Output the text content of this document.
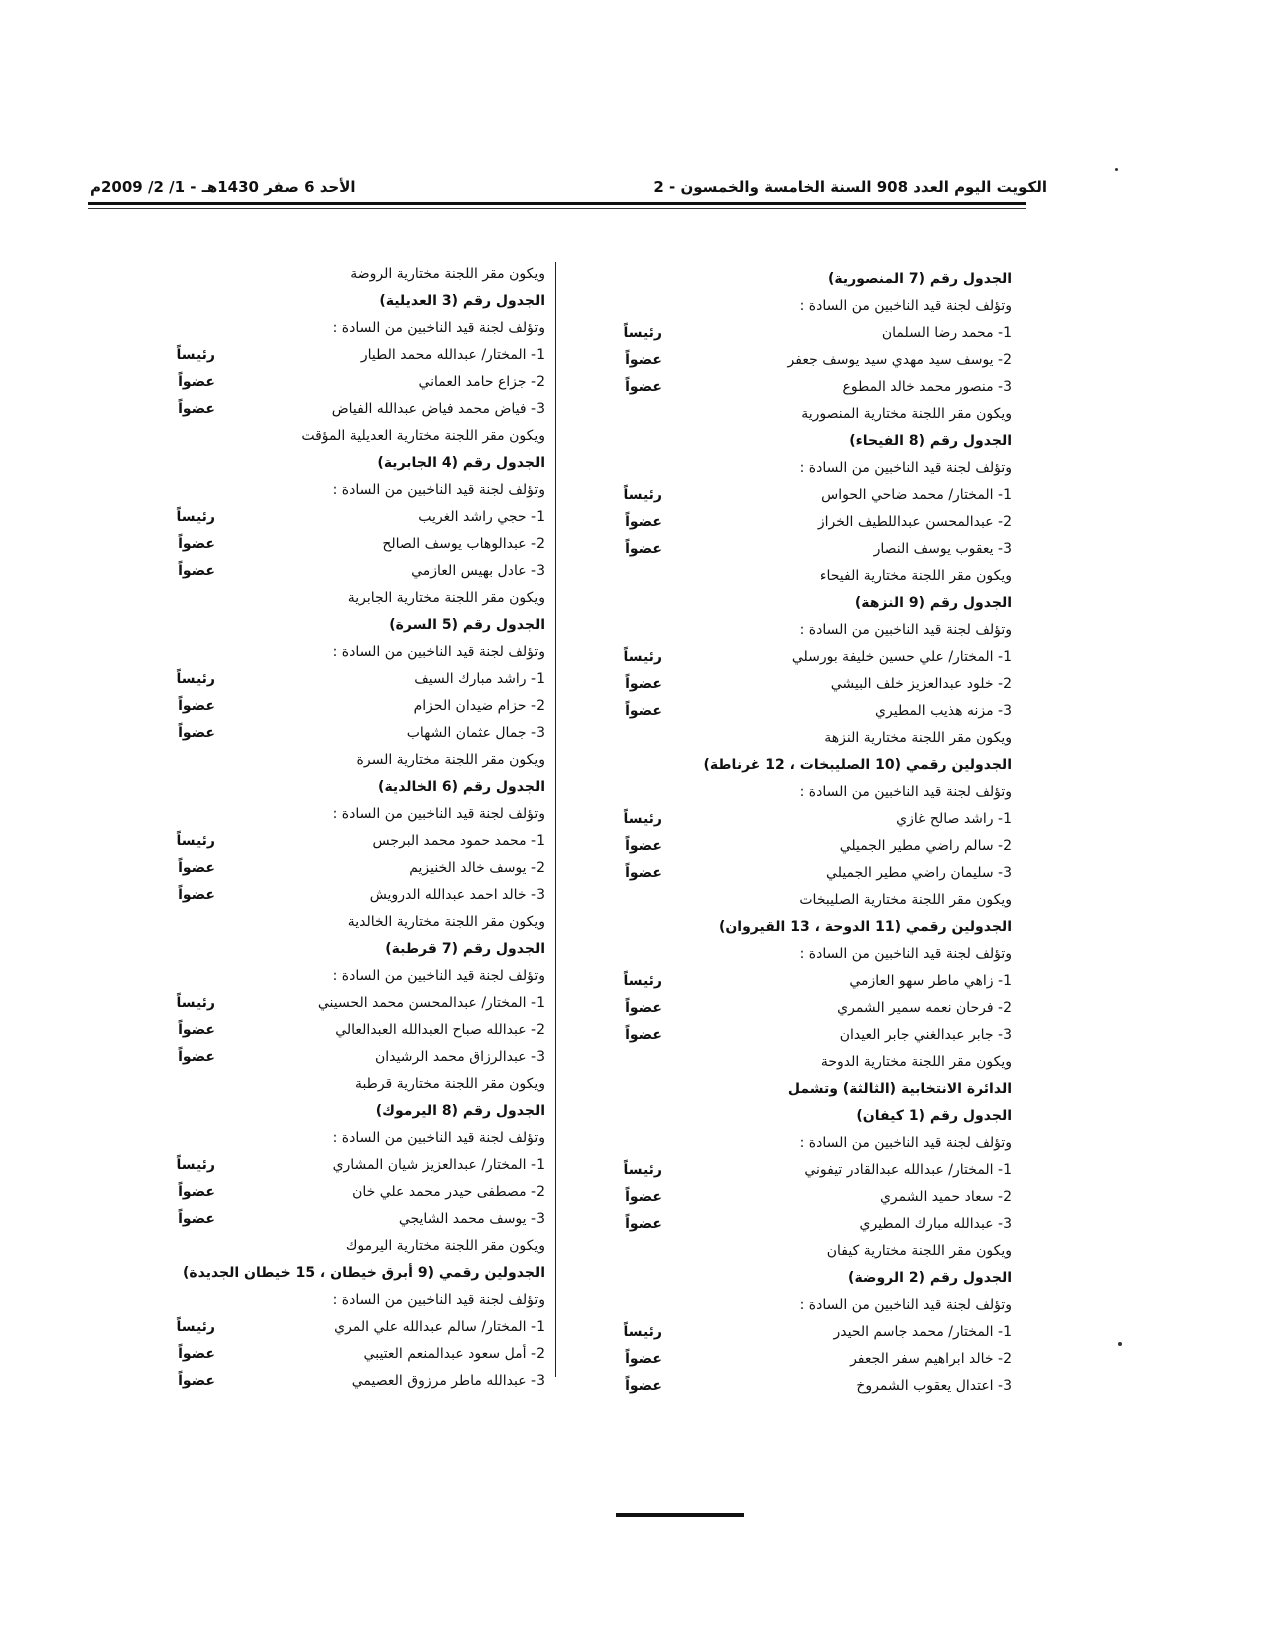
الكويت اليوم العدد 908 السنة الخامسة والخمسون - 2
الأحد 6 صفر 1430هـ - 1/ 2/ 2009م
الجدول رقم (7 المنصورية)
وتؤلف لجنة قيد الناخبين من السادة :
1- محمد رضا السلمان
رئيساً
2- يوسف سيد مهدي سيد يوسف جعفر
عضواً
3- منصور محمد خالد المطوع
عضواً
ويكون مقر اللجنة مختارية المنصورية
الجدول رقم (8 الفيحاء)
وتؤلف لجنة قيد الناخبين من السادة :
1- المختار/ محمد ضاحي الحواس
رئيساً
2- عبدالمحسن عبداللطيف الخراز
عضواً
3- يعقوب يوسف النصار
عضواً
ويكون مقر اللجنة مختارية الفيحاء
الجدول رقم (9 النزهة)
وتؤلف لجنة قيد الناخبين من السادة :
1- المختار/ علي حسين خليفة بورسلي
رئيساً
2- خلود عبدالعزيز خلف البيشي
عضواً
3- مزنه هذيب المطيري
عضواً
ويكون مقر اللجنة مختارية النزهة
الجدولين رقمي (10 الصليبخات ، 12 غرناطة)
وتؤلف لجنة قيد الناخبين من السادة :
1- راشد صالح غازي
رئيساً
2- سالم راضي مطير الجميلي
عضواً
3- سليمان راضي مطير الجميلي
عضواً
ويكون مقر اللجنة مختارية الصليبخات
الجدولين رقمي (11 الدوحة ، 13 القيروان)
وتؤلف لجنة قيد الناخبين من السادة :
1- زاهي ماطر سهو العازمي
رئيساً
2- فرحان نعمه سمير الشمري
عضواً
3- جابر عبدالغني جابر العيدان
عضواً
ويكون مقر اللجنة مختارية الدوحة
الدائرة الانتخابية (الثالثة) وتشمل
الجدول رقم (1 كيفان)
وتؤلف لجنة قيد الناخبين من السادة :
1- المختار/ عبدالله عبدالقادر تيفوني
رئيساً
2- سعاد حميد الشمري
عضواً
3- عبدالله مبارك المطيري
عضواً
ويكون مقر اللجنة مختارية كيفان
الجدول رقم (2 الروضة)
وتؤلف لجنة قيد الناخبين من السادة :
1- المختار/ محمد جاسم الحيدر
رئيساً
2- خالد ابراهيم سفر الجعفر
عضواً
3- اعتدال يعقوب الشمروخ
عضواً
ويكون مقر اللجنة مختارية الروضة
الجدول رقم (3 العديلية)
وتؤلف لجنة قيد الناخبين من السادة :
1- المختار/ عبدالله محمد الطيار
رئيساً
2- جزاع حامد العماني
عضواً
3- فياض محمد فياض عبدالله الفياض
عضواً
ويكون مقر اللجنة مختارية العديلية المؤقت
الجدول رقم (4 الجابرية)
وتؤلف لجنة قيد الناخبين من السادة :
1- حجي راشد الغريب
رئيساً
2- عبدالوهاب يوسف الصالح
عضواً
3- عادل بهيس العازمي
عضواً
ويكون مقر اللجنة مختارية الجابرية
الجدول رقم (5 السرة)
وتؤلف لجنة قيد الناخبين من السادة :
1- راشد مبارك السيف
رئيساً
2- حزام ضيدان الحزام
عضواً
3- جمال عثمان الشهاب
عضواً
ويكون مقر اللجنة مختارية السرة
الجدول رقم (6 الخالدية)
وتؤلف لجنة قيد الناخبين من السادة :
1- محمد حمود محمد البرجس
رئيساً
2- يوسف خالد الخنيزيم
عضواً
3- خالد احمد عبدالله الدرويش
عضواً
ويكون مقر اللجنة مختارية الخالدية
الجدول رقم (7 قرطبة)
وتؤلف لجنة قيد الناخبين من السادة :
1- المختار/ عبدالمحسن محمد الحسيني
رئيساً
2- عبدالله صباح العبدالله العبدالعالي
عضواً
3- عبدالرزاق محمد الرشيدان
عضواً
ويكون مقر اللجنة مختارية قرطبة
الجدول رقم (8 اليرموك)
وتؤلف لجنة قيد الناخبين من السادة :
1- المختار/ عبدالعزيز شيان المشاري
رئيساً
2- مصطفى حيدر محمد علي خان
عضواً
3- يوسف محمد الشايجي
عضواً
ويكون مقر اللجنة مختارية اليرموك
الجدولين رقمي (9 أبرق خيطان ، 15 خيطان الجديدة)
وتؤلف لجنة قيد الناخبين من السادة :
1- المختار/ سالم عبدالله علي المري
رئيساً
2- أمل سعود عبدالمنعم العتيبي
عضواً
3- عبدالله ماطر مرزوق العصيمي
عضواً
